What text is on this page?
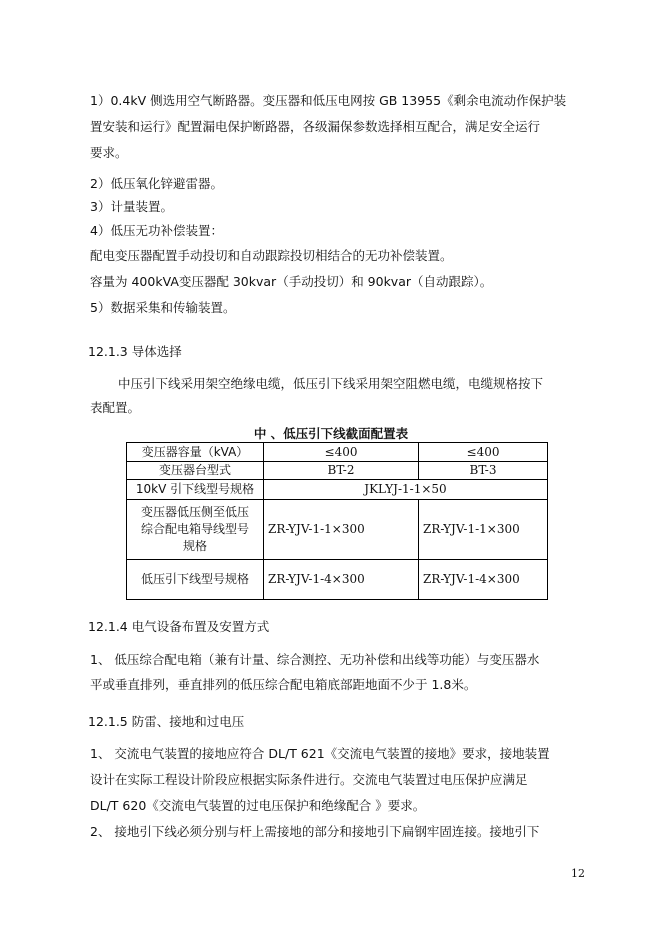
1）0.4kV 侧选用空气断路器。变压器和低压电网按 GB 13955《剩余电流动作保护装
置安装和运行》配置漏电保护断路器，各级漏保参数选择相互配合，满足安全运行
要求。
2）低压氧化锌避雷器。
3）计量装置。
4）低压无功补偿装置：
配电变压器配置手动投切和自动跟踪投切相结合的无功补偿装置。
容量为 400kVA变压器配 30kvar（手动投切）和 90kvar（自动跟踪）。
5）数据采集和传输装置。
12.1.3 导体选择
中压引下线采用架空绝缘电缆，低压引下线采用架空阻燃电缆，电缆规格按下
表配置。
中 、低压引下线截面配置表
变压器容量（kVA）	≤400	≤400
变压器台型式	BT-2	BT-3
10kV 引下线型号规格	JKLYJ-1-1×50	

变压器低压侧至低压
综合配电箱导线型号
规格	ZR-YJV-1-1×300	ZR-YJV-1-1×300
低压引下线型号规格	ZR-YJV-1-4×300	ZR-YJV-1-4×300
12.1.4 电气设备布置及安置方式
1、 低压综合配电箱（兼有计量、综合测控、无功补偿和出线等功能）与变压器水
平或垂直排列，垂直排列的低压综合配电箱底部距地面不少于 1.8米。
12.1.5 防雷、接地和过电压
1、 交流电气装置的接地应符合 DL/T 621《交流电气装置的接地》要求，接地装置
设计在实际工程设计阶段应根据实际条件进行。交流电气装置过电压保护应满足
DL/T 620《交流电气装置的过电压保护和绝缘配合 》要求。
2、 接地引下线必须分别与杆上需接地的部分和接地引下扁钢牢固连接。接地引下
12
